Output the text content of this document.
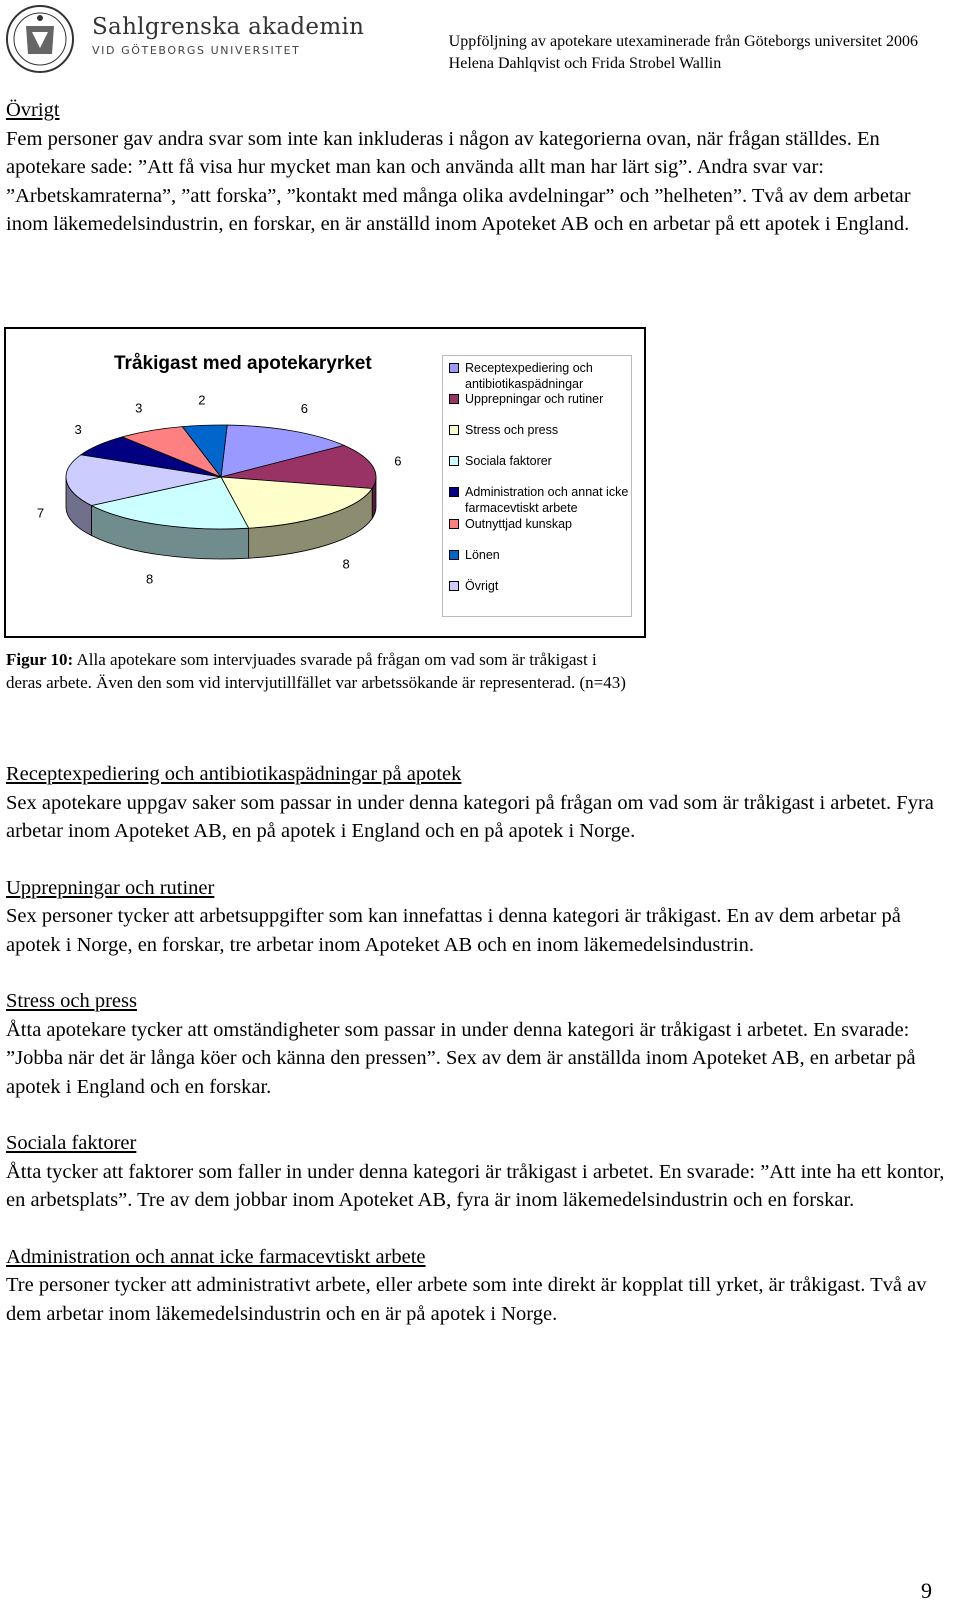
Sahlgrenska akademin
VID GÖTEBORGS UNIVERSITET
Uppföljning av apotekare utexaminerade från Göteborgs universitet 2006
Helena Dahlqvist och Frida Strobel Wallin
Övrigt

Fem personer gav andra svar som inte kan inkluderas i någon av kategorierna ovan, när frågan ställdes. En apotekare sade: ”Att få visa hur mycket man kan och använda allt man har lärt sig”. Andra svar var: ”Arbetskamraterna”, ”att forska”, ”kontakt med många olika avdelningar” och ”helheten”. Två av dem arbetar inom läkemedelsindustrin, en forskar, en är anställd inom Apoteket AB och en arbetar på ett apotek i England.

Tråkigast med apotekaryrket
6
6
8
8
7
3
3
2
Receptexpediering och antibiotikaspädningar
Upprepningar och rutiner
Stress och press
Sociala faktorer
Administration och annat icke farmacevtiskt arbete
Outnyttjad kunskap
Lönen
Övrigt
Figur 10: Alla apotekare som intervjuades svarade på frågan om vad som är tråkigast i deras arbete. Även den som vid intervjutillfället var arbetssökande är representerad. (n=43)
Receptexpediering och antibiotikaspädningar på apotek

Sex apotekare uppgav saker som passar in under denna kategori på frågan om vad som är tråkigast i arbetet. Fyra arbetar inom Apoteket AB, en på apotek i England och en på apotek i Norge.

Upprepningar och rutiner

Sex personer tycker att arbetsuppgifter som kan innefattas i denna kategori är tråkigast. En av dem arbetar på apotek i Norge, en forskar, tre arbetar inom Apoteket AB och en inom läkemedelsindustrin.

Stress och press

Åtta apotekare tycker att omständigheter som passar in under denna kategori är tråkigast i arbetet. En svarade: ”Jobba när det är långa köer och känna den pressen”. Sex av dem är anställda inom Apoteket AB, en arbetar på apotek i England och en forskar.

Sociala faktorer

Åtta tycker att faktorer som faller in under denna kategori är tråkigast i arbetet. En svarade: ”Att inte ha ett kontor, en arbetsplats”. Tre av dem jobbar inom Apoteket AB, fyra är inom läkemedelsindustrin och en forskar.

Administration och annat icke farmacevtiskt arbete

Tre personer tycker att administrativt arbete, eller arbete som inte direkt är kopplat till yrket, är tråkigast. Två av dem arbetar inom läkemedelsindustrin och en är på apotek i Norge.

9
